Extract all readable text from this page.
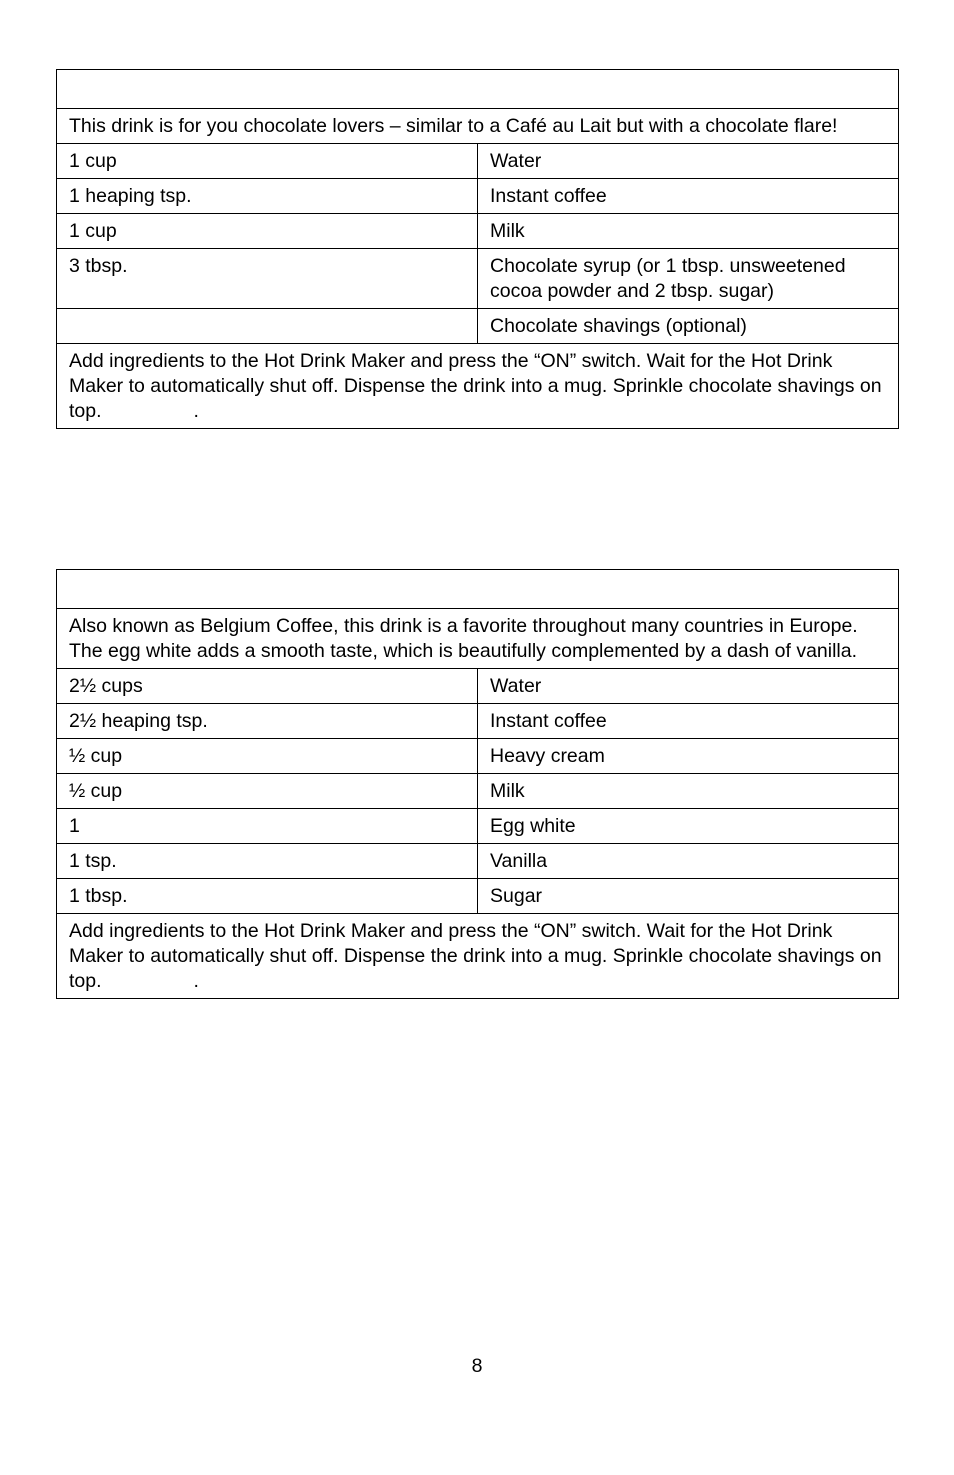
This drink is for you chocolate lovers – similar to a Café au Lait but with a chocolate flare!	
1 cup	Water
1 heaping tsp.	Instant coffee
1 cup	Milk
3 tbsp.	Chocolate syrup (or 1 tbsp. unsweetened cocoa powder and 2 tbsp. sugar)
	Chocolate shavings (optional)
Add ingredients to the Hot Drink Maker and press the “ON” switch. Wait for the Hot Drink Maker to automatically shut off. Dispense the drink into a mug. Sprinkle chocolate shavings on top. .	

Also known as Belgium Coffee, this drink is a favorite throughout many countries in Europe. The egg white adds a smooth taste, which is beautifully complemented by a dash of vanilla.	
2½ cups	Water
2½ heaping tsp.	Instant coffee
½ cup	Heavy cream
½ cup	Milk
1	Egg white
1 tsp.	Vanilla
1 tbsp.	Sugar
Add ingredients to the Hot Drink Maker and press the “ON” switch. Wait for the Hot Drink Maker to automatically shut off. Dispense the drink into a mug. Sprinkle chocolate shavings on top. .	
8
